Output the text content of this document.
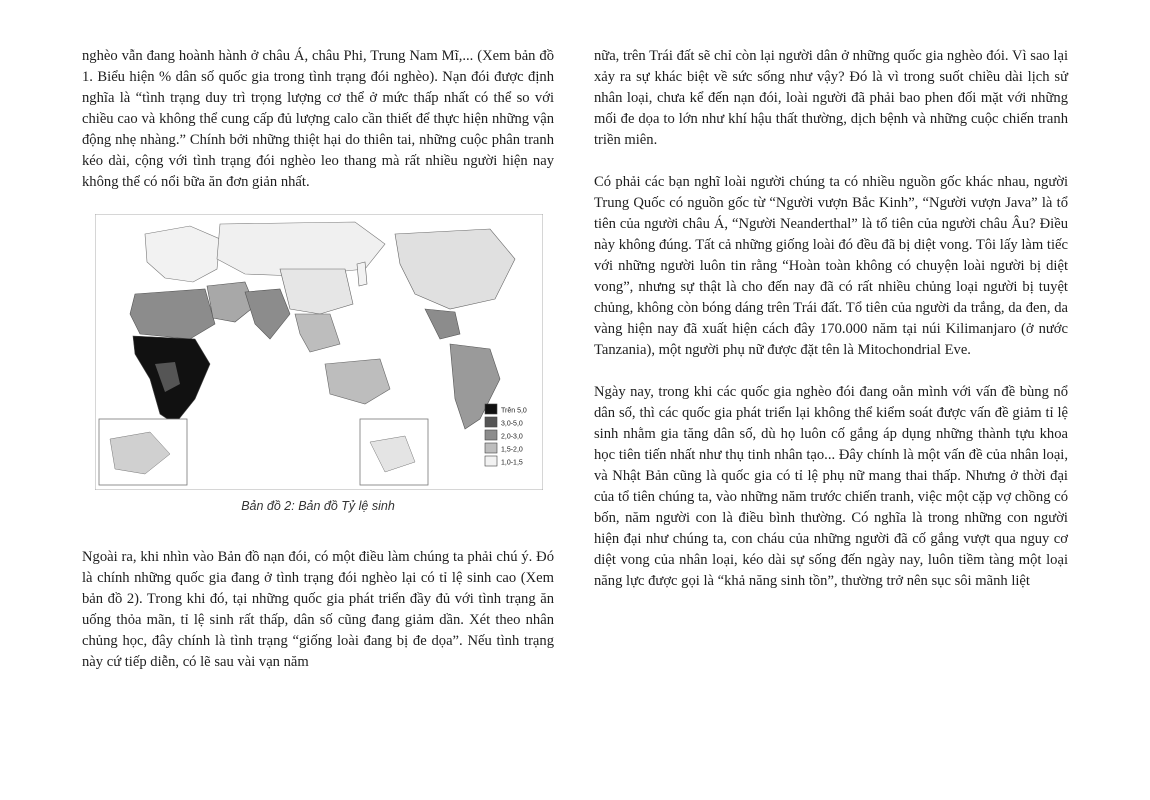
nghèo vẫn đang hoành hành ở châu Á, châu Phi, Trung Nam Mĩ,... (Xem bản đồ 1. Biểu hiện % dân số quốc gia trong tình trạng đói nghèo). Nạn đói được định nghĩa là “tình trạng duy trì trọng lượng cơ thể ở mức thấp nhất có thể so với chiều cao và không thể cung cấp đủ lượng calo cần thiết để thực hiện những vận động nhẹ nhàng.” Chính bởi những thiệt hại do thiên tai, những cuộc phân tranh kéo dài, cộng với tình trạng đói nghèo leo thang mà rất nhiều người hiện nay không thể có nổi bữa ăn đơn giản nhất.

Trên 5,0
3,0-5,0
2,0-3,0
1,5-2,0
1,0-1,5
Bản đồ 2: Bản đồ Tỷ lệ sinh

Ngoài ra, khi nhìn vào Bản đồ nạn đói, có một điều làm chúng ta phải chú ý. Đó là chính những quốc gia đang ở tình trạng đói nghèo lại có tỉ lệ sinh cao (Xem bản đồ 2). Trong khi đó, tại những quốc gia phát triển đầy đủ với tình trạng ăn uống thỏa mãn, tỉ lệ sinh rất thấp, dân số cũng đang giảm dần. Xét theo nhân chủng học, đây chính là tình trạng “giống loài đang bị đe dọa”. Nếu tình trạng này cứ tiếp diễn, có lẽ sau vài vạn năm

nữa, trên Trái đất sẽ chỉ còn lại người dân ở những quốc gia nghèo đói. Vì sao lại xảy ra sự khác biệt về sức sống như vậy? Đó là vì trong suốt chiều dài lịch sử nhân loại, chưa kể đến nạn đói, loài người đã phải bao phen đối mặt với những mối đe dọa to lớn như khí hậu thất thường, dịch bệnh và những cuộc chiến tranh triền miên.

Có phải các bạn nghĩ loài người chúng ta có nhiều nguồn gốc khác nhau, người Trung Quốc có nguồn gốc từ “Người vượn Bắc Kinh”, “Người vượn Java” là tổ tiên của người châu Á, “Người Neanderthal” là tổ tiên của người châu Âu? Điều này không đúng. Tất cả những giống loài đó đều đã bị diệt vong. Tôi lấy làm tiếc với những người luôn tin rằng “Hoàn toàn không có chuyện loài người bị diệt vong”, nhưng sự thật là cho đến nay đã có rất nhiều chủng loại người bị tuyệt chủng, không còn bóng dáng trên Trái đất. Tổ tiên của người da trắng, da đen, da vàng hiện nay đã xuất hiện cách đây 170.000 năm tại núi Kilimanjaro (ở nước Tanzania), một người phụ nữ được đặt tên là Mitochondrial Eve.

Ngày nay, trong khi các quốc gia nghèo đói đang oằn mình với vấn đề bùng nổ dân số, thì các quốc gia phát triển lại không thể kiểm soát được vấn đề giảm tỉ lệ sinh nhằm gia tăng dân số, dù họ luôn cố gắng áp dụng những thành tựu khoa học tiên tiến nhất như thụ tinh nhân tạo... Đây chính là một vấn đề của nhân loại, và Nhật Bản cũng là quốc gia có tỉ lệ phụ nữ mang thai thấp. Nhưng ở thời đại của tổ tiên chúng ta, vào những năm trước chiến tranh, việc một cặp vợ chồng có bốn, năm người con là điều bình thường. Có nghĩa là trong những con người hiện đại như chúng ta, con cháu của những người đã cố gắng vượt qua nguy cơ diệt vong của nhân loại, kéo dài sự sống đến ngày nay, luôn tiềm tàng một loại năng lực được gọi là “khả năng sinh tồn”, thường trở nên sục sôi mãnh liệt
